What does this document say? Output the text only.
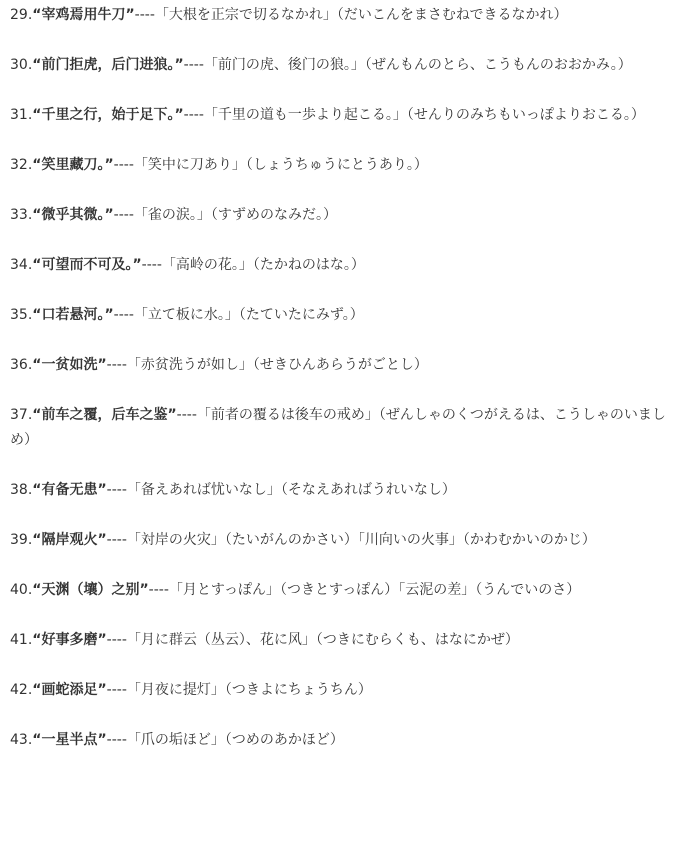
29.“宰鸡焉用牛刀”----「大根を正宗で切るなかれ」（だいこんをまさむねできるなかれ）

30.“前门拒虎，后门进狼。”----「前门の虎、後门の狼。」（ぜんもんのとら、こうもんのおおかみ。）

31.“千里之行，始于足下。”----「千里の道も一歩より起こる。」（せんりのみちもいっぽよりおこる。）

32.“笑里藏刀。”----「笑中に刀あり」（しょうちゅうにとうあり。）

33.“微乎其微。”----「雀の涙。」（すずめのなみだ。）

34.“可望而不可及。”----「高岭の花。」（たかねのはな。）

35.“口若悬河。”----「立て板に水。」（たていたにみず。）

36.“一贫如洗”----「赤贫洗うが如し」（せきひんあらうがごとし）

37.“前车之覆，后车之鉴”----「前者の覆るは後车の戒め」（ぜんしゃのくつがえるは、こうしゃのいましめ）

38.“有备无患”----「备えあれば忧いなし」（そなえあればうれいなし）

39.“隔岸观火”----「対岸の火灾」（たいがんのかさい）「川向いの火事」（かわむかいのかじ）

40.“天渊（壤）之别”----「月とすっぽん」（つきとすっぽん）「云泥の差」（うんでいのさ）

41.“好事多磨”----「月に群云（丛云）、花に风」（つきにむらくも、はなにかぜ）

42.“画蛇添足”----「月夜に提灯」（つきよにちょうちん）

43.“一星半点”----「爪の垢ほど」（つめのあかほど）
